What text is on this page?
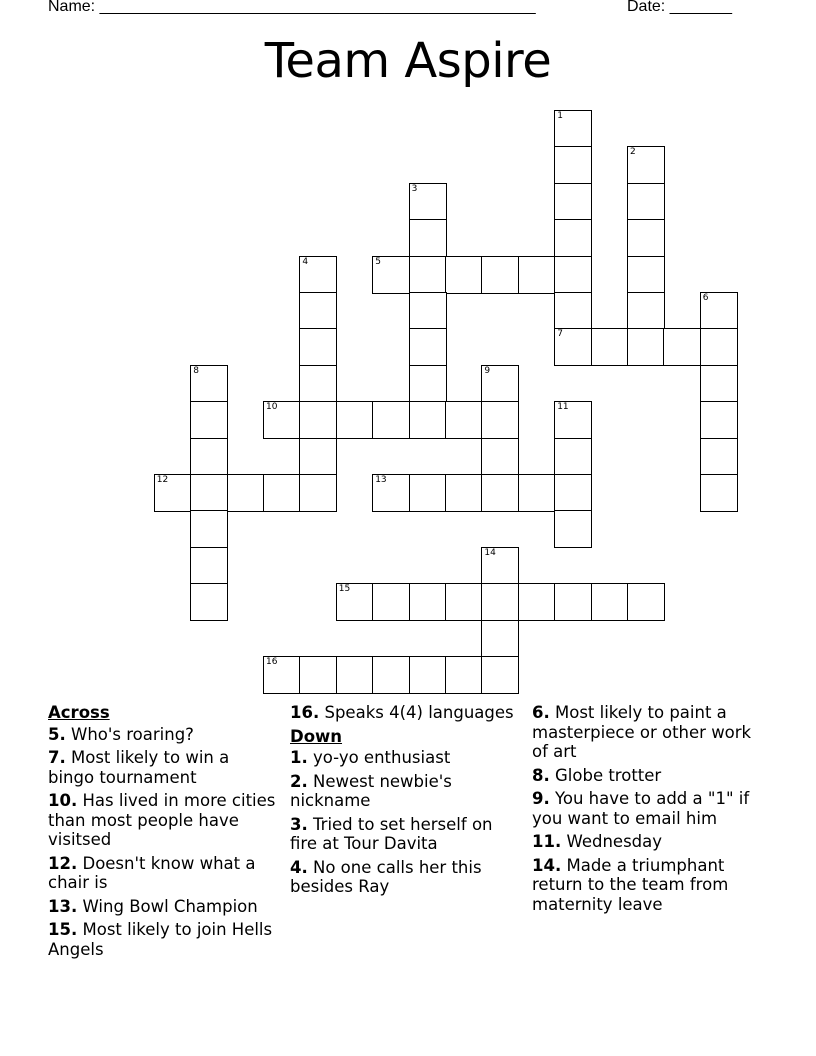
Name: _________________________________________________	Date: _______
Team Aspire
1
2
3
4	5
6
7
8	9
10	11
12	13
14
15
16
Across
5. Who's roaring?
7. Most likely to win a bingo tournament
10. Has lived in more cities than most people have visitsed
12. Doesn't know what a chair is
13. Wing Bowl Champion
15. Most likely to join Hells Angels
16. Speaks 4(4) languages
Down
1. yo-yo enthusiast
2. Newest newbie's nickname
3. Tried to set herself on fire at Tour Davita
4. No one calls her this besides Ray
6. Most likely to paint a masterpiece or other work of art
8. Globe trotter
9. You have to add a "1" if you want to email him
11. Wednesday
14. Made a triumphant return to the team from maternity leave
